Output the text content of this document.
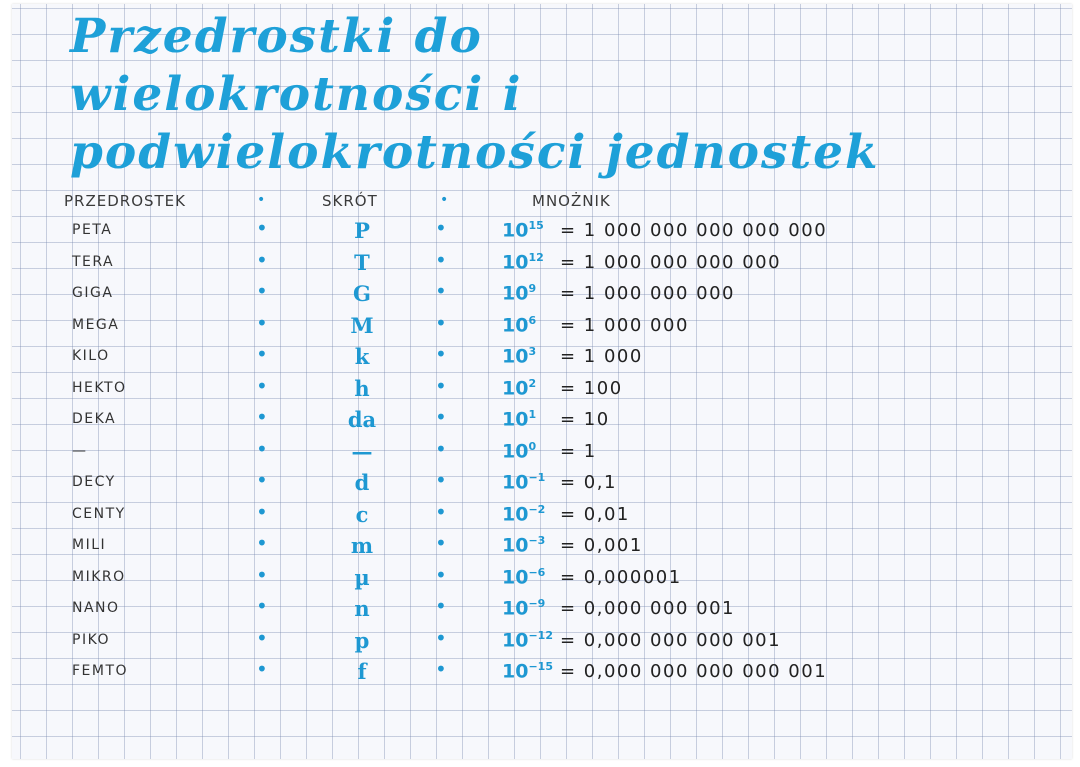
Przedrostki do wielokrotności i podwielokrotności jednostek
PRZEDROSTEK	•	SKRÓT	•	MNOŻNIK
PETA	•	P	•	$10^{15} = 1$ 000 000 000 000 000
TERA	•	T	•	$10^{12} = 1$ 000 000 000 000
GIGA	•	G	•	$10^9 = 1$ 000 000 000
MEGA	•	M	•	$10^6 = 1$ 000 000
KILO	•	k	•	$10^3 = 1$ 000
HEKTO	•	h	•	$10^2 = 100$
DEKA	•	da	•	$10^1 = 10$
—	•	—	•	$10^0 = 1$
DECY	•	d	•	$10^{-1} = 0,1$
CENTY	•	c	•	$10^{-2} = 0,01$
MILI	•	m	•	$10^{-3} = 0,001$
MIKRO	•	µ	•	$10^{-6} = 0,000001$
NANO	•	n	•	$10^{-9} = 0,000$ 000 001
PIKO	•	p	•	$10^{-12} = 0,000$ 000 000 001
FEMTO	•	f	•	$10^{-15} = 0,000$ 000 000 000 001
